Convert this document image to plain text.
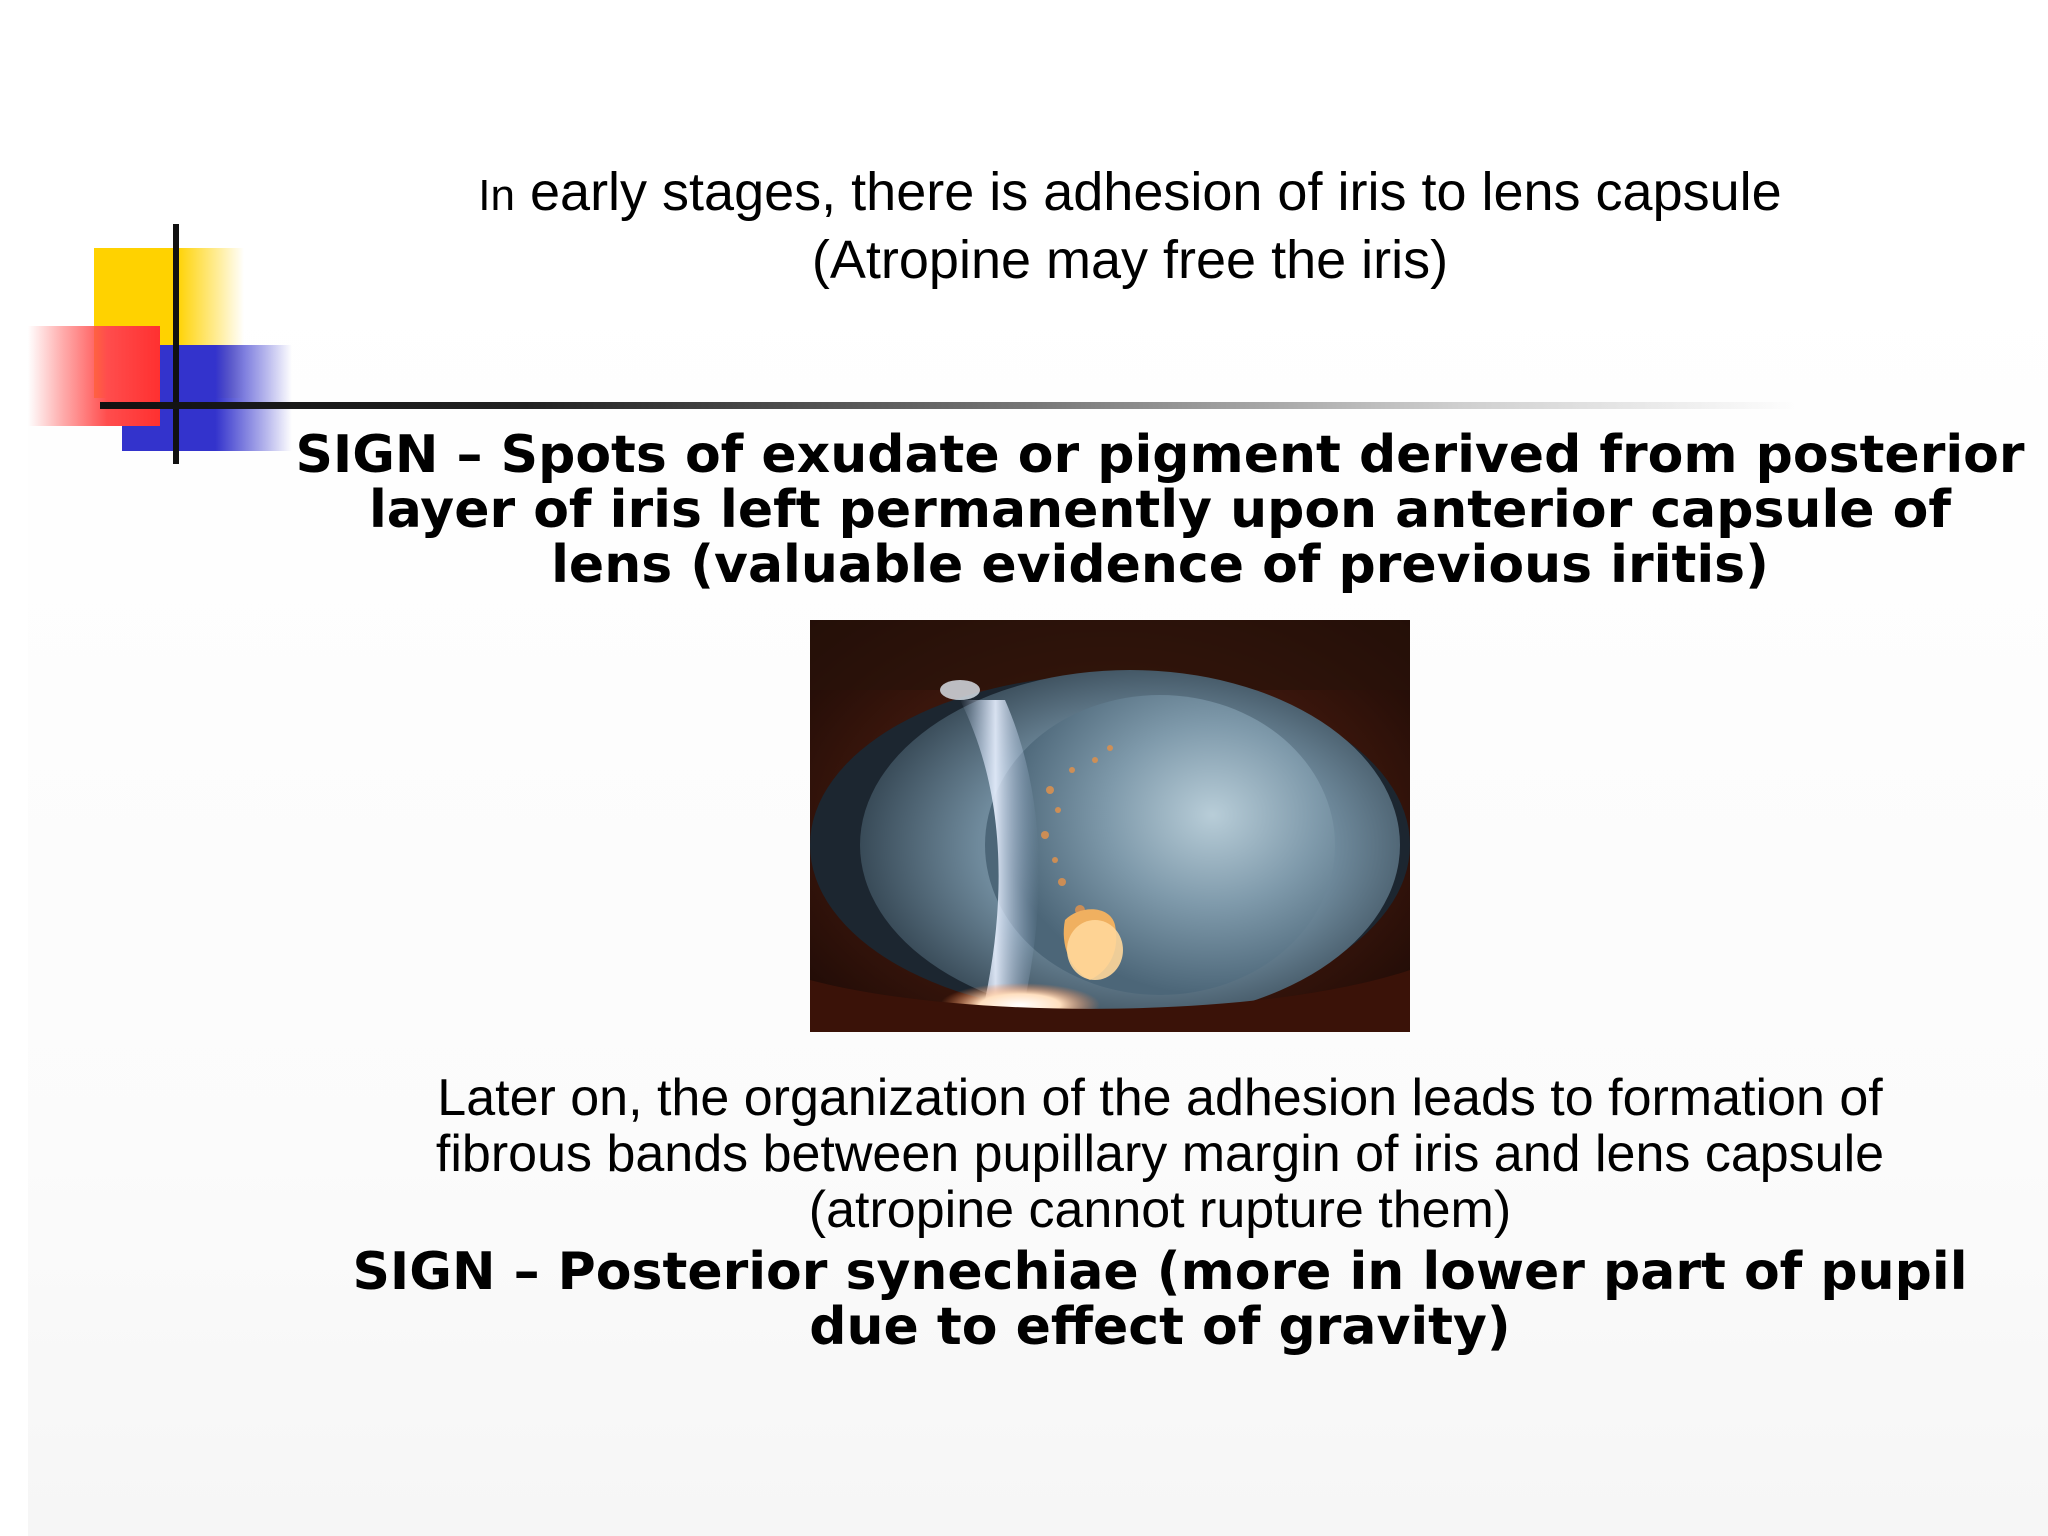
In early stages, there is adhesion of iris to lens capsule
(Atropine may free the iris)

SIGN – Spots of exudate or pigment derived from posterior
layer of iris left permanently upon anterior capsule of
lens (valuable evidence of previous iritis)

Later on, the organization of the adhesion leads to formation of
fibrous bands between pupillary margin of iris and lens capsule
(atropine cannot rupture them)

SIGN – Posterior synechiae (more in lower part of pupil
due to effect of gravity)
